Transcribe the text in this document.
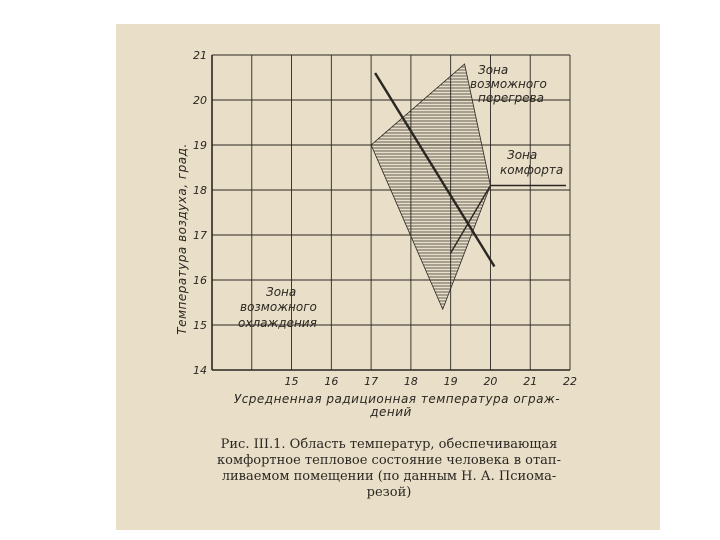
15 16 17 18 19 20 21 22
14
15
16
17
18
19
20
21
Температура воздуха, град.
Усредненная радиционная температура ограж-
дений
Зона
возможного
перегрева
Зона
комфорта
Зона
возможного
охлаждения
Рис. III.1. Область температур, обеспечивающая
комфортное тепловое состояние человека в отап-
ливаемом помещении (по данным Н. А. Псиома-
резой)
